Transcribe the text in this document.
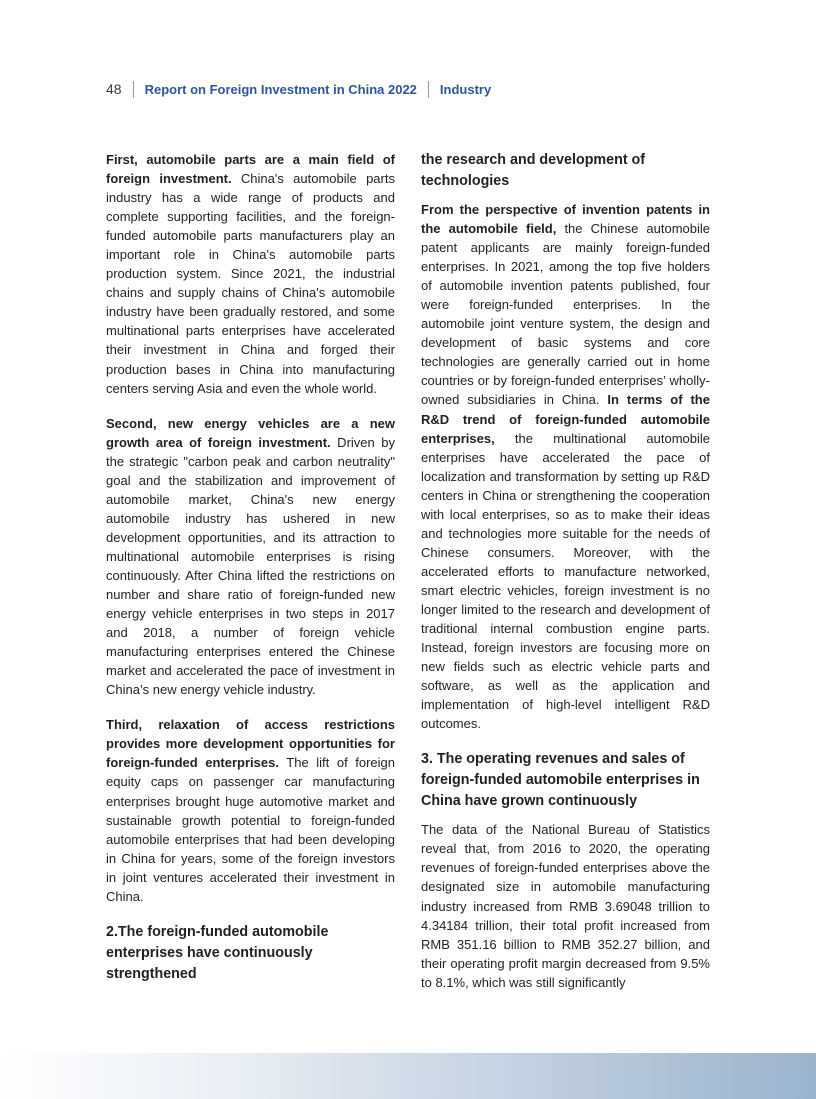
48 Report on Foreign Investment in China 2022 Industry

First, automobile parts are a main field of foreign investment. China's automobile parts industry has a wide range of products and complete supporting facilities, and the foreign-funded automobile parts manufacturers play an important role in China's automobile parts production system. Since 2021, the industrial chains and supply chains of China's automobile industry have been gradually restored, and some multinational parts enterprises have accelerated their investment in China and forged their production bases in China into manufacturing centers serving Asia and even the whole world.

Second, new energy vehicles are a new growth area of foreign investment. Driven by the strategic "carbon peak and carbon neutrality" goal and the stabilization and improvement of automobile market, China's new energy automobile industry has ushered in new development opportunities, and its attraction to multinational automobile enterprises is rising continuously. After China lifted the restrictions on number and share ratio of foreign-funded new energy vehicle enterprises in two steps in 2017 and 2018, a number of foreign vehicle manufacturing enterprises entered the Chinese market and accelerated the pace of investment in China’s new energy vehicle industry.

Third, relaxation of access restrictions provides more development opportunities for foreign-funded enterprises. The lift of foreign equity caps on passenger car manufacturing enterprises brought huge automotive market and sustainable growth potential to foreign-funded automobile enterprises that had been developing in China for years, some of the foreign investors in joint ventures accelerated their investment in China.

2.The foreign-funded automobile enterprises have continuously strengthened

the research and development of technologies

From the perspective of invention patents in the automobile field, the Chinese automobile patent applicants are mainly foreign-funded enterprises. In 2021, among the top five holders of automobile invention patents published, four were foreign-funded enterprises. In the automobile joint venture system, the design and development of basic systems and core technologies are generally carried out in home countries or by foreign-funded enterprises’ wholly-owned subsidiaries in China. In terms of the R&D trend of foreign-funded automobile enterprises, the multinational automobile enterprises have accelerated the pace of localization and transformation by setting up R&D centers in China or strengthening the cooperation with local enterprises, so as to make their ideas and technologies more suitable for the needs of Chinese consumers. Moreover, with the accelerated efforts to manufacture networked, smart electric vehicles, foreign investment is no longer limited to the research and development of traditional internal combustion engine parts. Instead, foreign investors are focusing more on new fields such as electric vehicle parts and software, as well as the application and implementation of high-level intelligent R&D outcomes.

3. The operating revenues and sales of foreign-funded automobile enterprises in China have grown continuously

The data of the National Bureau of Statistics reveal that, from 2016 to 2020, the operating revenues of foreign-funded enterprises above the designated size in automobile manufacturing industry increased from RMB 3.69048 trillion to 4.34184 trillion, their total profit increased from RMB 351.16 billion to RMB 352.27 billion, and their operating profit margin decreased from 9.5% to 8.1%, which was still significantly
